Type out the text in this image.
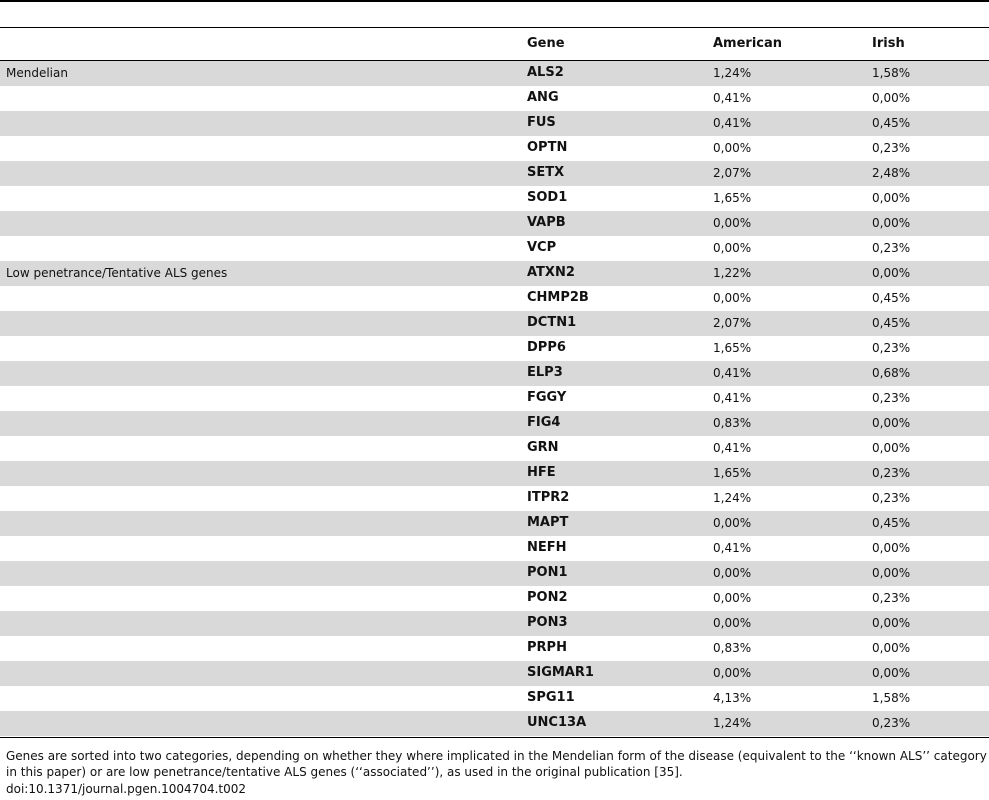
Gene	American	Irish
Mendelian	ALS2	1,24%	1,58%
ANG	0,41%	0,00%
FUS	0,41%	0,45%
OPTN	0,00%	0,23%
SETX	2,07%	2,48%
SOD1	1,65%	0,00%
VAPB	0,00%	0,00%
VCP	0,00%	0,23%
Low penetrance/Tentative ALS genes	ATXN2	1,22%	0,00%
CHMP2B	0,00%	0,45%
DCTN1	2,07%	0,45%
DPP6	1,65%	0,23%
ELP3	0,41%	0,68%
FGGY	0,41%	0,23%
FIG4	0,83%	0,00%
GRN	0,41%	0,00%
HFE	1,65%	0,23%
ITPR2	1,24%	0,23%
MAPT	0,00%	0,45%
NEFH	0,41%	0,00%
PON1	0,00%	0,00%
PON2	0,00%	0,23%
PON3	0,00%	0,00%
PRPH	0,83%	0,00%
SIGMAR1	0,00%	0,00%
SPG11	4,13%	1,58%
UNC13A	1,24%	0,23%
Genes are sorted into two categories, depending on whether they where implicated in the Mendelian form of the disease (equivalent to the ‘‘known ALS’’ category in this paper) or are low penetrance/tentative ALS genes (‘‘associated’’), as used in the original publication [35].
doi:10.1371/journal.pgen.1004704.t002
